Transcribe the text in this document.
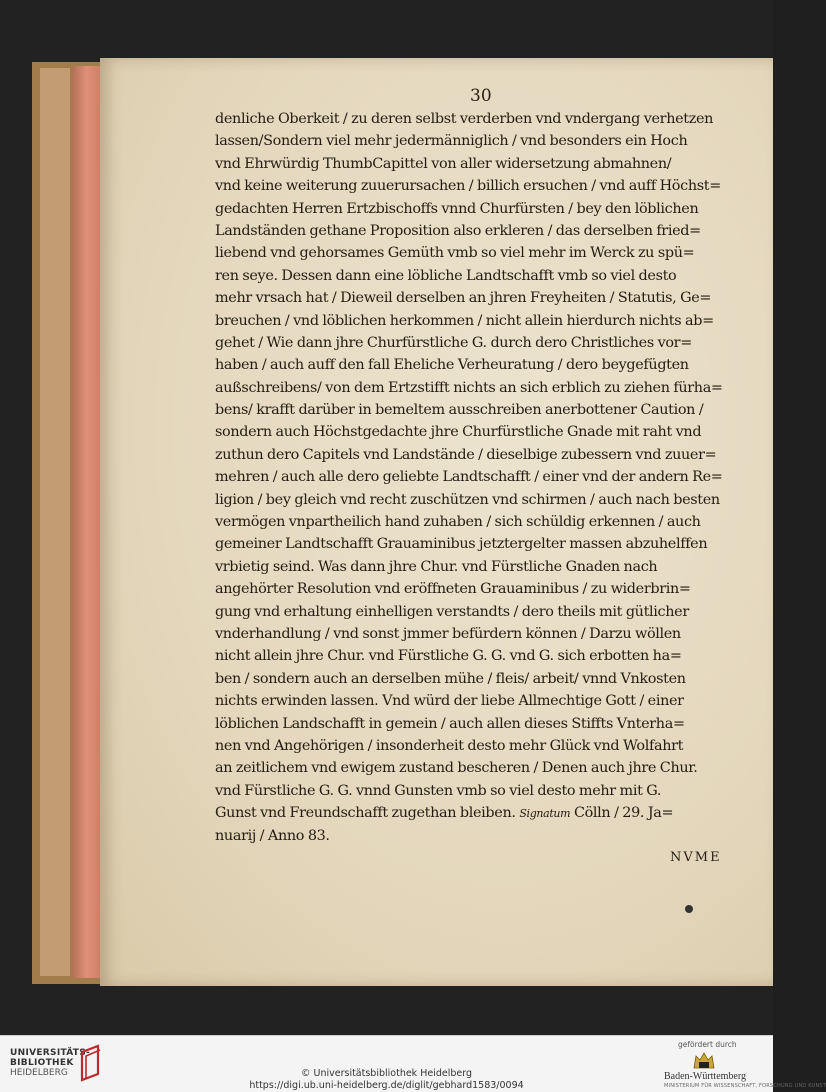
30
denliche Oberkeit / zu deren selbst verderben vnd vndergang verhetzen
lassen/Sondern viel mehr jedermänniglich / vnd besonders ein Hoch
vnd Ehrwürdig ThumbCapittel von aller widersetzung abmahnen/
vnd keine weiterung zuuerursachen / billich ersuchen / vnd auff Höchst=
gedachten Herren Ertzbischoffs vnnd Churfürsten / bey den löblichen
Landständen gethane Proposition also erkleren / das derselben fried=
liebend vnd gehorsames Gemüth vmb so viel mehr im Werck zu spü=
ren seye. Dessen dann eine löbliche Landtschafft vmb so viel desto
mehr vrsach hat / Dieweil derselben an jhren Freyheiten / Statutis, Ge=
breuchen / vnd löblichen herkommen / nicht allein hierdurch nichts ab=
gehet / Wie dann jhre Churfürstliche G. durch dero Christliches vor=
haben / auch auff den fall Eheliche Verheuratung / dero beygefügten
außschreibens/ von dem Ertzstifft nichts an sich erblich zu ziehen fürha=
bens/ krafft darüber in bemeltem ausschreiben anerbottener Caution /
sondern auch Höchstgedachte jhre Churfürstliche Gnade mit raht vnd
zuthun dero Capitels vnd Landstände / dieselbige zubessern vnd zuuer=
mehren / auch alle dero geliebte Landtschafft / einer vnd der andern Re=
ligion / bey gleich vnd recht zuschützen vnd schirmen / auch nach besten
vermögen vnpartheilich hand zuhaben / sich schüldig erkennen / auch
gemeiner Landtschafft Grauaminibus jetztergelter massen abzuhelffen
vrbietig seind. Was dann jhre Chur. vnd Fürstliche Gnaden nach
angehörter Resolution vnd eröffneten Grauaminibus / zu widerbrin=
gung vnd erhaltung einhelligen verstandts / dero theils mit gütlicher
vnderhandlung / vnd sonst jmmer befürdern können / Darzu wöllen
nicht allein jhre Chur. vnd Fürstliche G. G. vnd G. sich erbotten ha=
ben / sondern auch an derselben mühe / fleis/ arbeit/ vnnd Vnkosten
nichts erwinden lassen. Vnd würd der liebe Allmechtige Gott / einer
löblichen Landschafft in gemein / auch allen dieses Stiffts Vnterha=
nen vnd Angehörigen / insonderheit desto mehr Glück vnd Wolfahrt
an zeitlichem vnd ewigem zustand bescheren / Denen auch jhre Chur.
vnd Fürstliche G. G. vnnd Gunsten vmb so viel desto mehr mit G.
Gunst vnd Freundschafft zugethan bleiben. Signatum Cölln / 29. Ja=
nuarij / Anno 83.
NVME
UNIVERSITÄTS-
BIBLIOTHEK
HEIDELBERG	© Universitätsbibliothek Heidelberg
https://digi.ub.uni-heidelberg.de/diglit/gebhard1583/0094
gefördert durch
Baden-Württemberg
MINISTERIUM FÜR WISSENSCHAFT, FORSCHUNG UND KUNST
